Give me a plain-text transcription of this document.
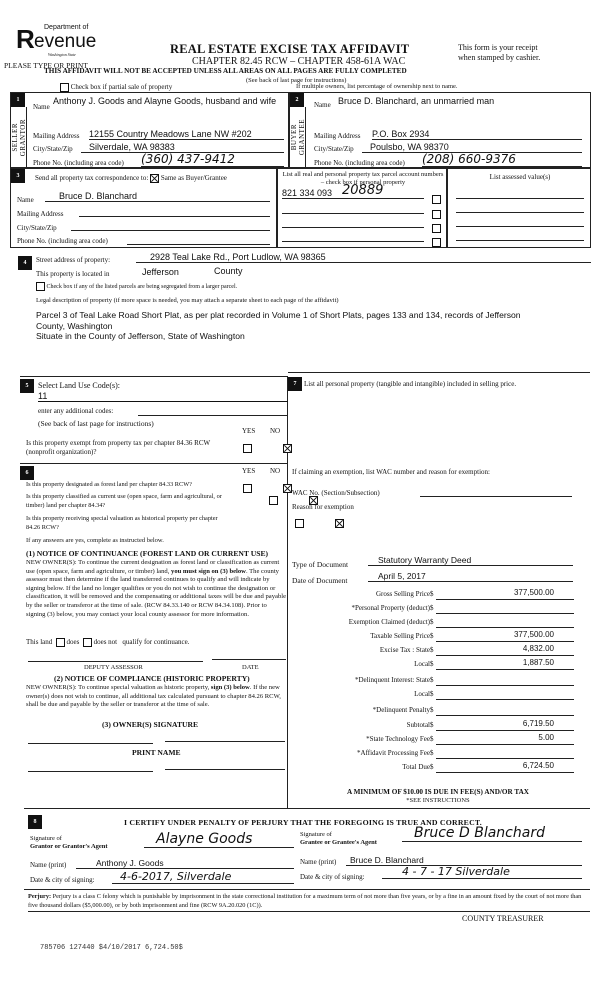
Department of
R evenue
Washington State
PLEASE TYPE OR PRINT
REAL ESTATE EXCISE TAX AFFIDAVIT
CHAPTER 82.45 RCW – CHAPTER 458-61A WAC
This form is your receipt
when stamped by cashier.
THIS AFFIDAVIT WILL NOT BE ACCEPTED UNLESS ALL AREAS ON ALL PAGES ARE FULLY COMPLETED
(See back of last page for instructions)
Check box if partial sale of property	If multiple owners, list percentage of ownership next to name.
1
SELLER GRANTOR
Name
Anthony J. Goods and Alayne Goods, husband and wife
Mailing Address 12155 Country Meadows Lane NW #202
City/State/Zip	Silverdale, WA 98383
Phone No. (including area code) (360) 437-9412
2
BUYER GRANTEE
Name Bruce D. Blanchard, an unmarried man
Mailing Address P.O. Box 2934
City/State/Zip	Poulsbo, WA 98370
Phone No. (including area code) (208) 660-9376
3	Send all property tax correspondence to: Same as Buyer/Grantee
Name	Bruce D. Blanchard
Mailing Address
City/State/Zip
Phone No. (including area code)
List all real and personal property tax parcel account numbers – check box if personal property
821 334 093 20889
List assessed value(s)
4	Street address of property:	2928 Teal Lake Rd., Port Ludlow, WA 98365
This property is located in	Jefferson	County
Check box if any of the listed parcels are being segregated from a larger parcel.
Legal description of property (if more space is needed, you may attach a separate sheet to each page of the affidavit)
Parcel 3 of Teal Lake Road Short Plat, as per plat recorded in Volume 1 of Short Plats, pages 133 and 134, records of Jefferson
County, Washington
Situate in the County of Jefferson, State of Washington
5	Select Land Use Code(s):
11
enter any additional codes:
(See back of last page for instructions)
YES NO
Is this property exempt from property tax per chapter 84.36 RCW (nonprofit organization)?

6	YES NO
Is this property designated as forest land per chapter 84.33 RCW?

Is this property classified as current use (open space, farm and agricultural, or timber) land per chapter 84.34?

Is this property receiving special valuation as historical property per chapter 84.26 RCW?

If any answers are yes, complete as instructed below.
(1) NOTICE OF CONTINUANCE (FOREST LAND OR CURRENT USE)
NEW OWNER(S): To continue the current designation as forest land or classification as current use (open space, farm and agriculture, or timber) land, you must sign on (3) below. The county assessor must then determine if the land transferred continues to qualify and will indicate by signing below. If the land no longer qualifies or you do not wish to continue the designation or classification, it will be removed and the compensating or additional taxes will be due and payable by the seller or transferor at the time of sale. (RCW 84.33.140 or RCW 84.34.108). Prior to signing (3) below, you may contact your local county assessor for more information.
This land does does not qualify for continuance.
DEPUTY ASSESSOR	DATE
(2) NOTICE OF COMPLIANCE (HISTORIC PROPERTY)
NEW OWNER(S): To continue special valuation as historic property, sign (3) below. If the new owner(s) does not wish to continue, all additional tax calculated pursuant to chapter 84.26 RCW, shall be due and payable by the seller or transferor at the time of sale.
(3) OWNER(S) SIGNATURE
PRINT NAME
7	List all personal property (tangible and intangible) included in selling price.
If claiming an exemption, list WAC number and reason for exemption:
WAC No. (Section/Subsection)
Reason for exemption
Type of Document	Statutory Warranty Deed
Date of Document	April 5, 2017
Gross Selling Price $	377,500.00
*Personal Property (deduct) $
Exemption Claimed (deduct) $
Taxable Selling Price $	377,500.00
Excise Tax : State $	4,832.00
Local $	1,887.50
*Delinquent Interest: State $
Local $
*Delinquent Penalty $
Subtotal $	6,719.50
*State Technology Fee $	5.00
*Affidavit Processing Fee $
Total Due $	6,724.50
A MINIMUM OF $10.00 IS DUE IN FEE(S) AND/OR TAX
*SEE INSTRUCTIONS
8	I CERTIFY UNDER PENALTY OF PERJURY THAT THE FOREGOING IS TRUE AND CORRECT.
Signature of
Grantor or Grantor's Agent	Alayne Goods
Name (print)	Anthony J. Goods
Date & city of signing:	4-6-2017, Silverdale
Signature of
Grantee or Grantee's Agent
Bruce D Blanchard
Name (print)	Bruce D. Blanchard
Date & city of signing:	4 - 7 - 17 Silverdale
Perjury: Perjury is a class C felony which is punishable by imprisonment in the state correctional institution for a maximum term of not more than five years, or by a fine in an amount fixed by the court of not more than five thousand dollars ($5,000.00), or by both imprisonment and fine (RCW 9A.20.020 (1C)).
COUNTY TREASURER
785706 127440 $4/10/2017 6,724.50$
